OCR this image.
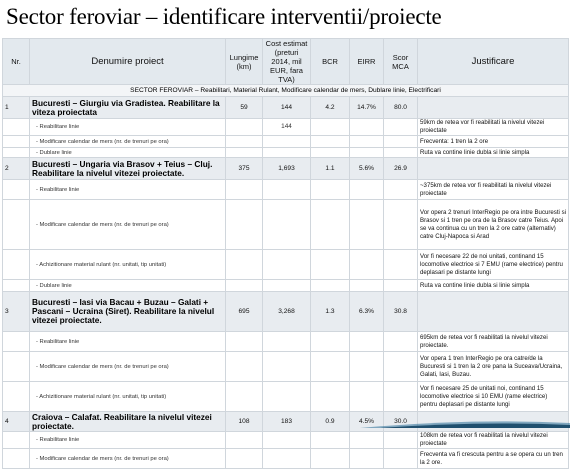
Sector feroviar – identificare interventii/proiecte
Nr.	Denumire proiect	Lungime (km)	Cost estimat (preturi 2014, mil EUR, fara TVA)	BCR	EIRR	Scor MCA	Justificare
SECTOR FEROVIAR – Reabilitari, Material Rulant, Modificare calendar de mers, Dublare linie, Electrificari							
1	Bucuresti – Giurgiu via Gradistea. Reabilitare la viteza proiectata	59	144	4.2	14.7%	80.0	
	- Reabilitare linie		144				59km de retea vor fi reabilitati la nivelul vitezei proiectate
	- Modificare calendar de mers (nr. de trenuri pe ora)						Frecventa: 1 tren la 2 ore
	- Dublare linie						Ruta va contine linie dubla si linie simpla
2	Bucuresti – Ungaria via Brasov + Teius – Cluj. Reabilitare la nivelul vitezei proiectate.	375	1,693	1.1	5.6%	26.9	
	- Reabilitare linie						~375km de retea vor fi reabilitati la nivelul vitezei proiectate
	- Modificare calendar de mers (nr. de trenuri pe ora)						Vor opera 2 trenuri InterRegio pe ora intre Bucuresti si Brasov si 1 tren pe ora de la Brasov catre Teius. Apoi se va continua cu un tren la 2 ore catre (alternativ) catre Cluj-Napoca si Arad
	- Achizitionare material rulant (nr. unitati, tip unitati)						Vor fi necesare 22 de noi unitati, continand 15 locomotive electrice si 7 EMU (rame electrice) pentru deplasari pe distante lungi
	- Dublare linie						Ruta va contine linie dubla si linie simpla
3	Bucuresti – Iasi via Bacau + Buzau – Galati + Pascani – Ucraina (Siret). Reabilitare la nivelul vitezei proiectate.	695	3,268	1.3	6.3%	30.8	
	- Reabilitare linie						695km de retea vor fi reabilitati la nivelul vitezei proiectate.
	- Modificare calendar de mers (nr. de trenuri pe ora)						Vor opera 1 tren InterRegio pe ora catre/de la Bucuresti si 1 tren la 2 ore pana la Suceava/Ucraina, Galati, Iasi, Buzau.
	- Achizitionare material rulant (nr. unitati, tip unitati)						Vor fi necesare 25 de unitati noi, continand 15 locomotive electrice si 10 EMU (rame electrice) pentru deplasari pe distante lungi
4	Craiova – Calafat. Reabilitare la nivelul vitezei proiectate.	108	183	0.9	4.5%	30.0	
	- Reabilitare linie						108km de retea vor fi reabilitati la nivelul vitezei proiectate
	- Modificare calendar de mers (nr. de trenuri pe ora)						Frecventa va fi crescuta pentru a se opera cu un tren la 2 ore.
